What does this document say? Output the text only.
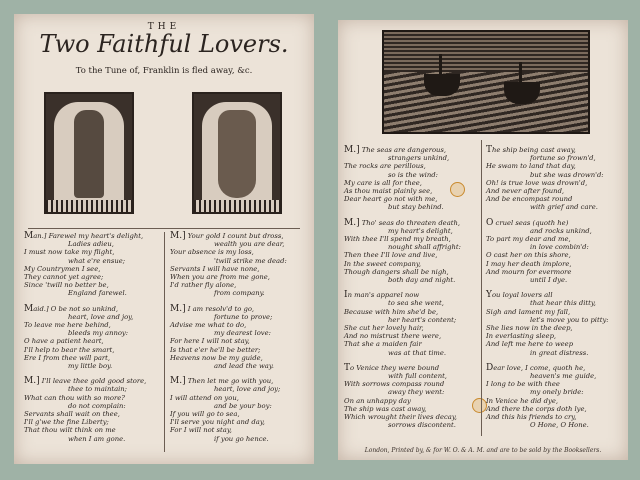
THE
Two Faithful Lovers.
To the Tune of, Franklin is fled away, &c.
Man.] Farewel my heart's delight,
Ladies adieu,
I must now take my flight,
what e're ensue;
My Countrymen I see,
They cannot yet agree;
Since 'twill no better be,
England farewel.
Maid.] O be not so unkind,
heart, love and joy,
To leave me here behind,
bleeds my annoy:
O have a patient heart,
I'll help to bear the smart,
Ere I from thee will part,
my little boy.
M.] I'll leave thee gold good store,
thee to maintain;
What can thou with so more?
do not complain:
Servants shall wait on thee,
I'll g'we the fine Liberty;
That thou wilt think on me
when I am gone.
M.] Your gold I count but dross,
wealth you are dear,
Your absence is my loss,
'twill strike me dead:
Servants I will have none,
When you are from me gone,
I'd rather fly alone,
from company.
M.] I am resolv'd to go,
fortune to prove;
Advise me what to do,
my dearest love:
For here I will not stay,
Is that e'er he'll be better;
Heavens now be my guide,
and lead the way.
M.] Then let me go with you,
heart, love and joy;
I will attend on you,
and be your boy:
If you will go to sea,
I'll serve you night and day,
For I will not stay,
if you go hence.
M.] The seas are dangerous,
strangers unkind,
The rocks are perillous,
so is the wind:
My care is all for thee,
As thou maist plainly see,
Dear heart go not with me,
but stay behind.
M.] Tho' seas do threaten death,
my heart's delight,
With thee I'll spend my breath,
nought shall affright:
Then thee I'll love and live,
In the sweet company,
Though dangers shall be nigh,
both day and night.
In man's apparel now
to sea she went,
Because with him she'd be,
her heart's content;
She cut her lovely hair,
And no mistrust there were,
That she a maiden fair
was at that time.
To Venice they were bound
with full content,
With sorrows compass round
away they went:
On an unhappy day
The ship was cast away,
Which wrought their lives decay,
sorrows discontent.
The ship being cast away,
fortune so frown'd,
He swam to land that day,
but she was drown'd:
Oh! is true love was drown'd,
And never after found,
And be encompast round
with grief and care.
O cruel seas (quoth he)
and rocks unkind,
To part my dear and me,
in love combin'd:
O cast her on this shore,
I may her death implore,
And mourn for evermore
until I dye.
You loyal lovers all
that hear this ditty,
Sigh and lament my fall,
let's move you to pitty:
She lies now in the deep,
In everlasting sleep,
And left me here to weep
in great distress.
Dear love, I come, quoth he,
heaven's me guide,
I long to be with thee
my onely bride:
In Venice he did dye,
And there the corps doth lye,
And this his friends to cry,
O Hone, O Hone.
London, Printed by, & for W. O. & A. M. and are to be sold by the Booksellers.
